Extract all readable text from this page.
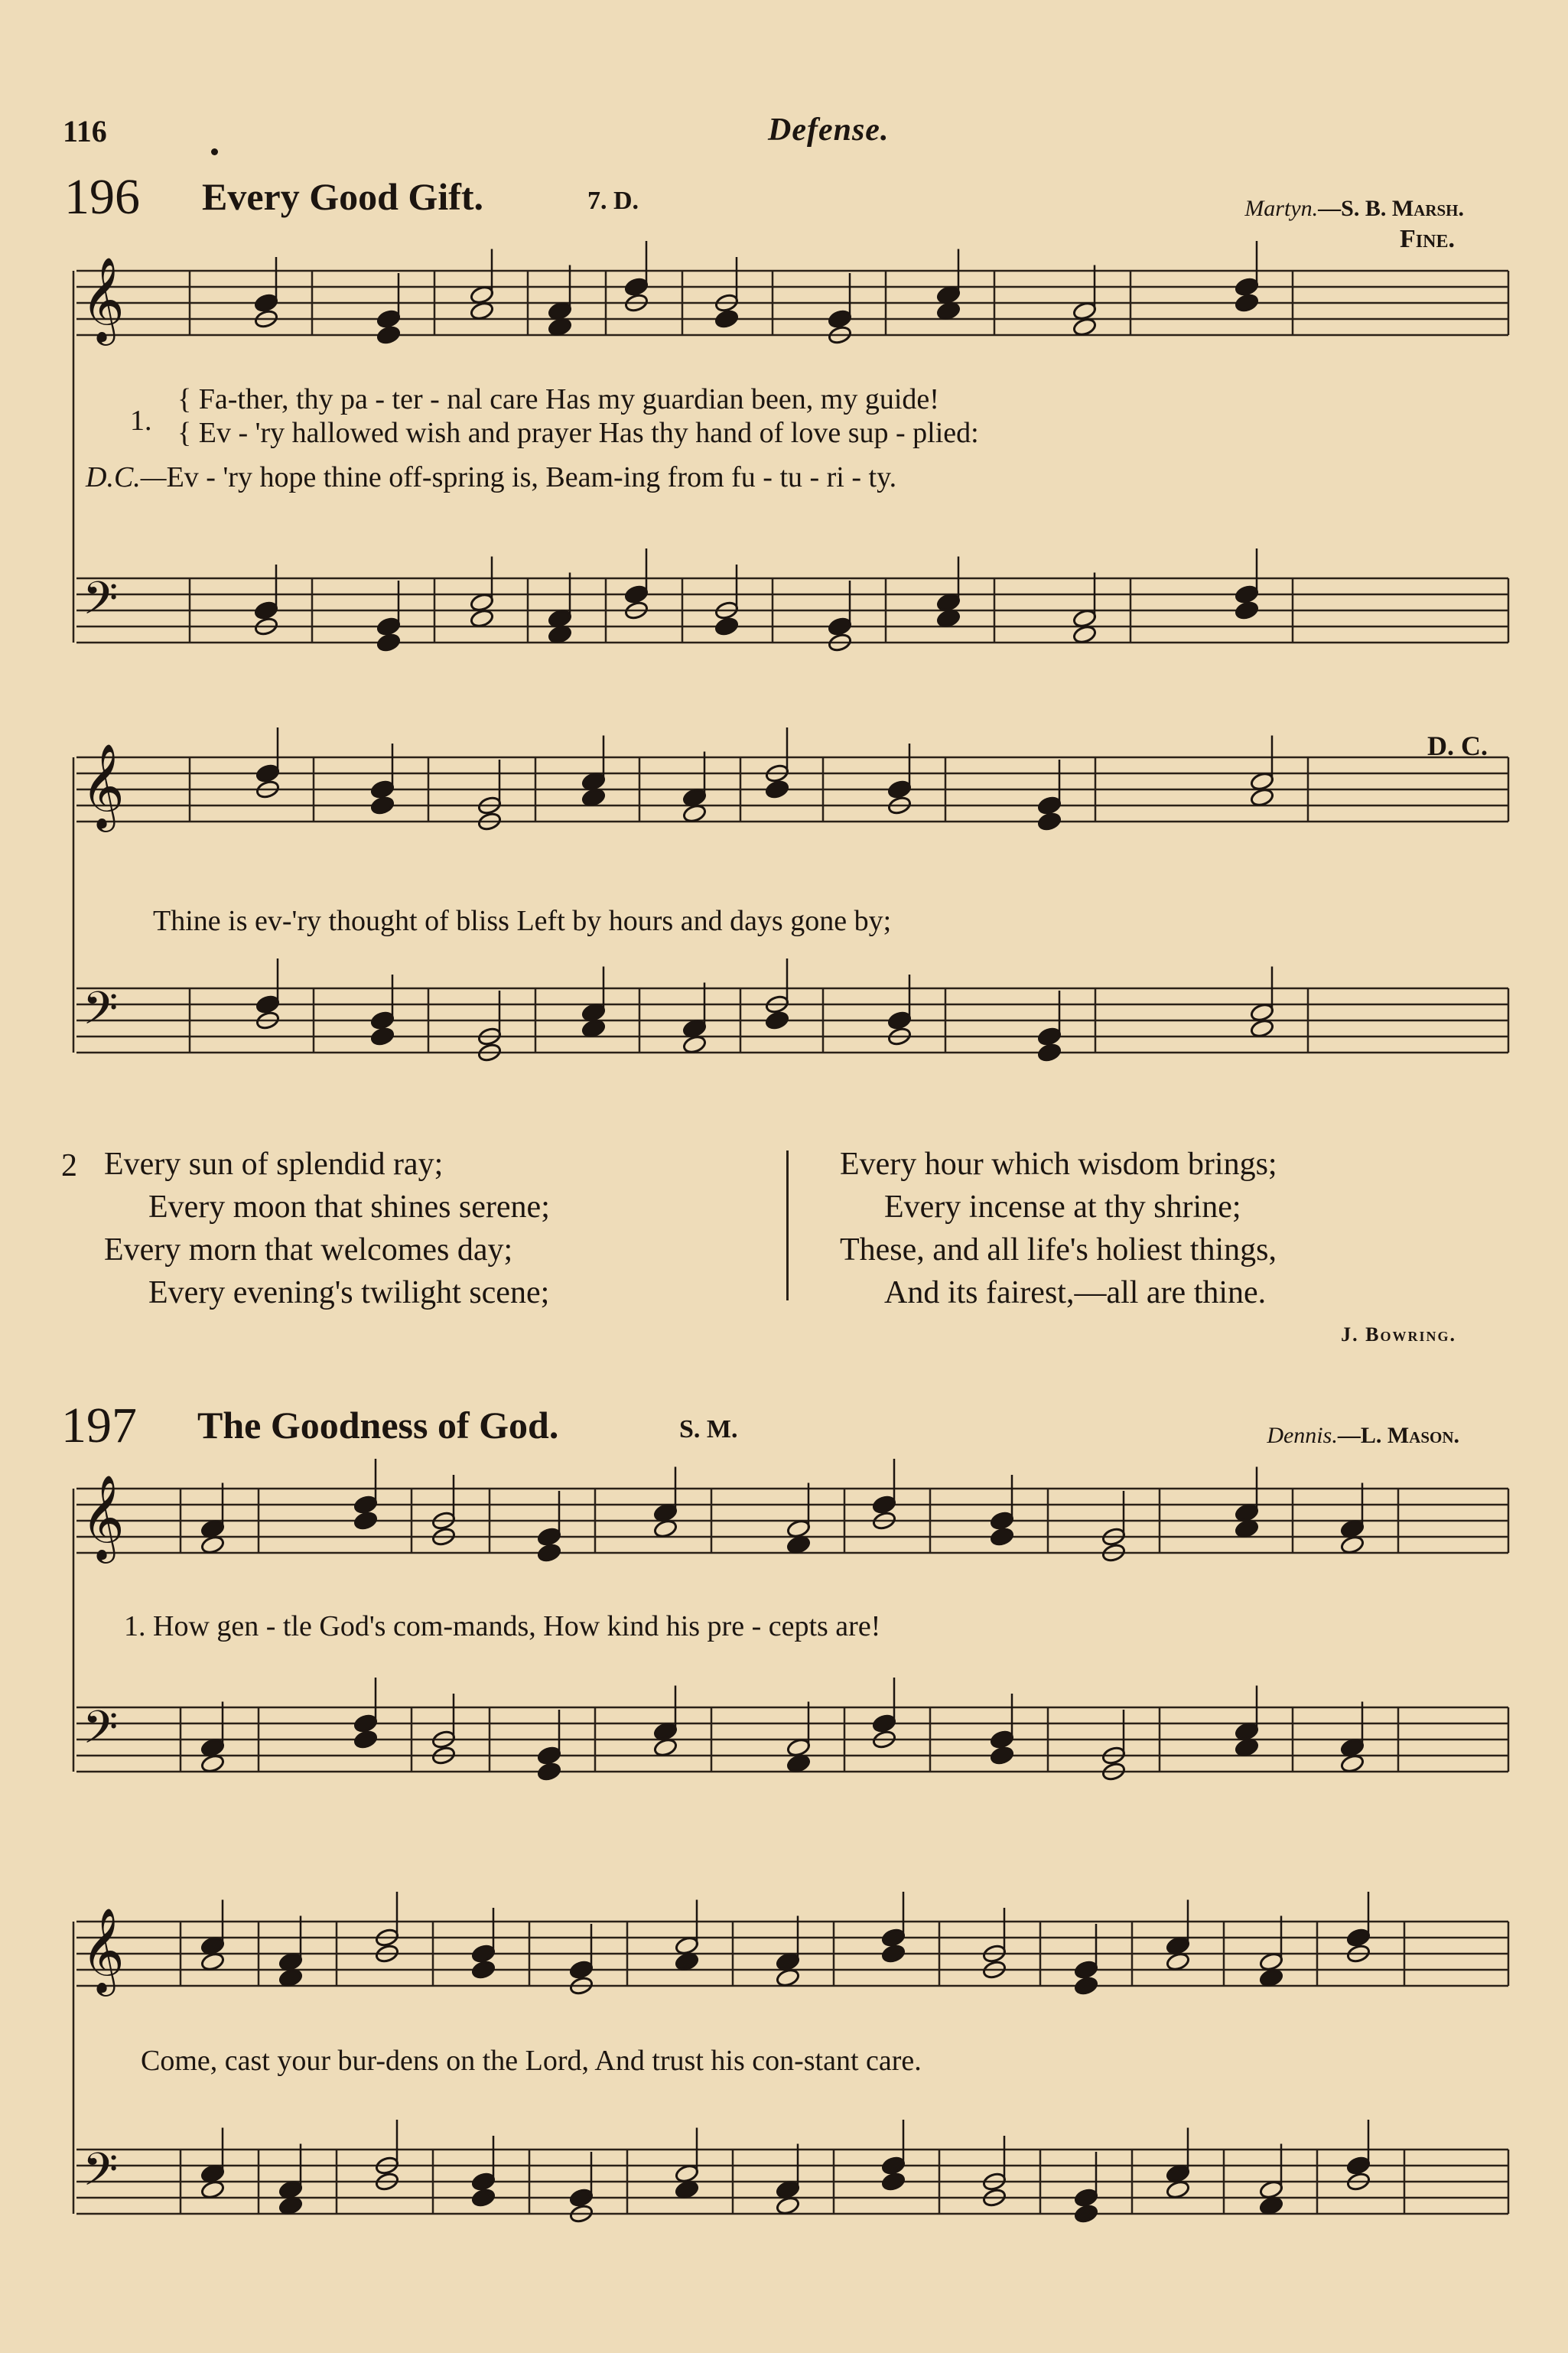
116	Defense.
196 Every Good Gift.	7. D.	Martyn.—S. B. Marsh.
Fine.
𝄞
𝄢
𝄞
𝄢
𝄞
𝄢
𝄞
𝄢
1.
{ Fa-ther, thy pa - ter - nal care Has my guardian been, my guide!
{ Ev - 'ry hallowed wish and prayer Has thy hand of love sup - plied:
D.C.—Ev - 'ry hope thine off-spring is, Beam-ing from fu - tu - ri - ty.
D. C.
Thine is ev-'ry thought of bliss Left by hours and days gone by;
2 Every sun of splendid ray;
Every moon that shines serene;
Every morn that welcomes day;
Every evening's twilight scene;
Every hour which wisdom brings;
Every incense at thy shrine;
These, and all life's holiest things,
And its fairest,—all are thine.
J. Bowring.
197 The Goodness of God.	S. M.	Dennis.—L. Mason.
1. How gen - tle God's com-mands, How kind his pre - cepts are!
Come, cast your bur-dens on the Lord, And trust his con-stant care.
